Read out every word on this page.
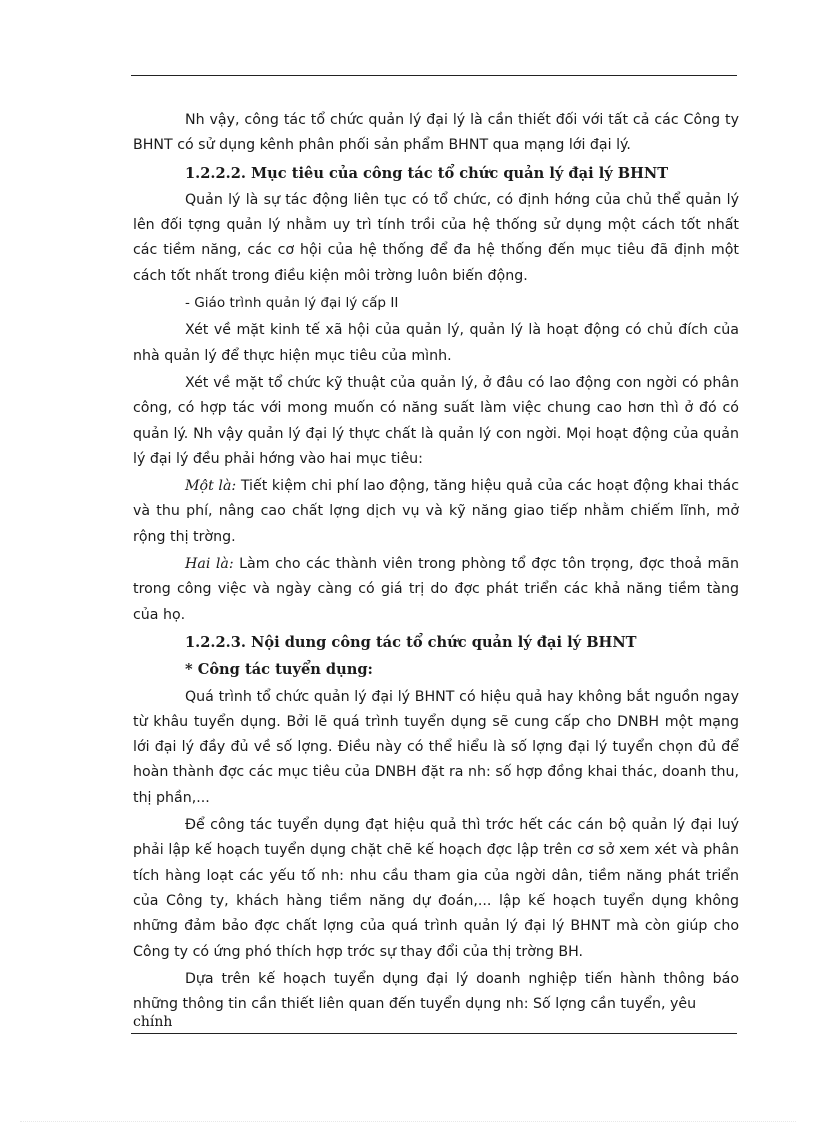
Nh vậy, công tác tổ chức quản lý đại lý là cần thiết đối với tất cả các Công ty BHNT có sử dụng kênh phân phối sản phẩm BHNT qua mạng lới đại lý.

1.2.2.2. Mục tiêu của công tác tổ chức quản lý đại lý BHNT

Quản lý là sự tác động liên tục có tổ chức, có định hớng của chủ thể quản lý lên đối tợng quản lý nhằm uy trì tính trồi của hệ thống sử dụng một cách tốt nhất các tiềm năng, các cơ hội của hệ thống để đa hệ thống đến mục tiêu đã định một cách tốt nhất trong điều kiện môi trờng luôn biến động.

- Giáo trình quản lý đại lý cấp II

Xét về mặt kinh tế xã hội của quản lý, quản lý là hoạt động có chủ đích của nhà quản lý để thực hiện mục tiêu của mình.

Xét về mặt tổ chức kỹ thuật của quản lý, ở đâu có lao động con ngời có phân công, có hợp tác với mong muốn có năng suất làm việc chung cao hơn thì ở đó có quản lý. Nh vậy quản lý đại lý thực chất là quản lý con ngời. Mọi hoạt động của quản lý đại lý đều phải hớng vào hai mục tiêu:

Một là: Tiết kiệm chi phí lao động, tăng hiệu quả của các hoạt động khai thác và thu phí, nâng cao chất lợng dịch vụ và kỹ năng giao tiếp nhằm chiếm lĩnh, mở rộng thị trờng.

Hai là: Làm cho các thành viên trong phòng tổ đợc tôn trọng, đợc thoả mãn trong công việc và ngày càng có giá trị do đợc phát triển các khả năng tiềm tàng của họ.

1.2.2.3. Nội dung công tác tổ chức quản lý đại lý BHNT

* Công tác tuyển dụng:

Quá trình tổ chức quản lý đại lý BHNT có hiệu quả hay không bắt nguồn ngay từ khâu tuyển dụng. Bởi lẽ quá trình tuyển dụng sẽ cung cấp cho DNBH một mạng lới đại lý đầy đủ về số lợng. Điều này có thể hiểu là số lợng đại lý tuyển chọn đủ để hoàn thành đợc các mục tiêu của DNBH đặt ra nh: số hợp đồng khai thác, doanh thu, thị phần,...

Để công tác tuyển dụng đạt hiệu quả thì trớc hết các cán bộ quản lý đại luý phải lập kế hoạch tuyển dụng chặt chẽ kế hoạch đợc lập trên cơ sở xem xét và phân tích hàng loạt các yếu tố nh: nhu cầu tham gia của ngời dân, tiềm năng phát triển của Công ty, khách hàng tiềm năng dự đoán,... lập kế hoạch tuyển dụng không những đảm bảo đợc chất lợng của quá trình quản lý đại lý BHNT mà còn giúp cho Công ty có ứng phó thích hợp trớc sự thay đổi của thị trờng BH.

Dựa trên kế hoạch tuyển dụng đại lý doanh nghiệp tiến hành thông báo những thông tin cần thiết liên quan đến tuyển dụng nh: Số lợng cần tuyển, yêu

chính
